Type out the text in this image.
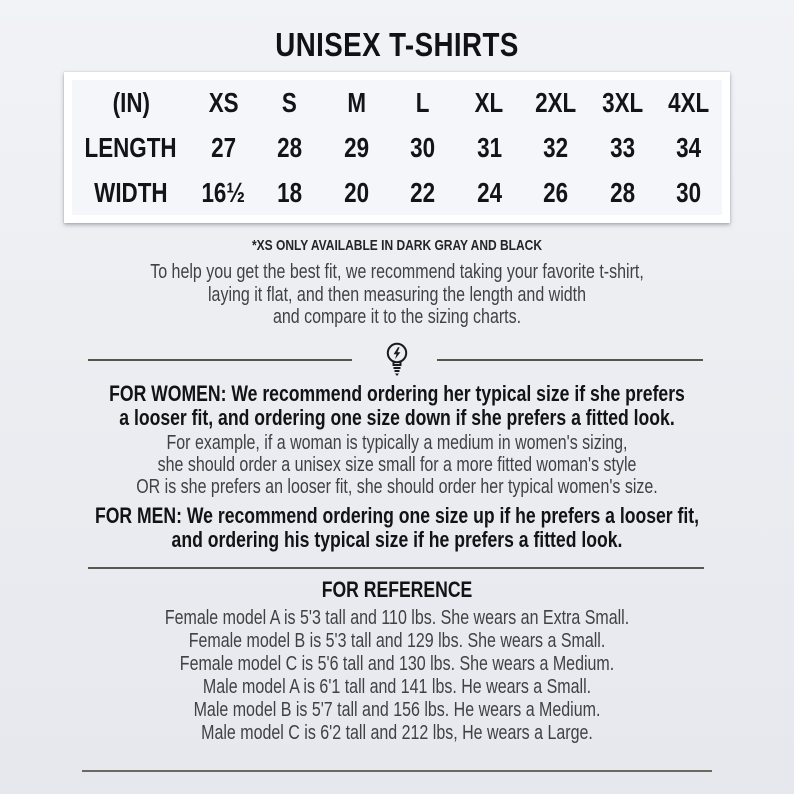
UNISEX T-SHIRTS
(IN)	XS	S	M	L	XL	2XL 3XL 4XL
LENGTH	27	28	29	30	31	32	33	34
WIDTH	16½	18	20	22	24	26	28	30
*XS ONLY AVAILABLE IN DARK GRAY AND BLACK
To help you get the best fit, we recommend taking your favorite t-shirt,
laying it flat, and then measuring the length and width
and compare it to the sizing charts.
FOR WOMEN: We recommend ordering her typical size if she prefers
a looser fit, and ordering one size down if she prefers a fitted look.
For example, if a woman is typically a medium in women's sizing,
she should order a unisex size small for a more fitted woman's style
OR is she prefers an looser fit, she should order her typical women's size.
FOR MEN: We recommend ordering one size up if he prefers a looser fit,
and ordering his typical size if he prefers a fitted look.
FOR REFERENCE
Female model A is 5'3 tall and 110 lbs. She wears an Extra Small.
Female model B is 5'3 tall and 129 lbs. She wears a Small.
Female model C is 5'6 tall and 130 lbs. She wears a Medium.
Male model A is 6'1 tall and 141 lbs. He wears a Small.
Male model B is 5'7 tall and 156 lbs. He wears a Medium.
Male model C is 6'2 tall and 212 lbs, He wears a Large.
